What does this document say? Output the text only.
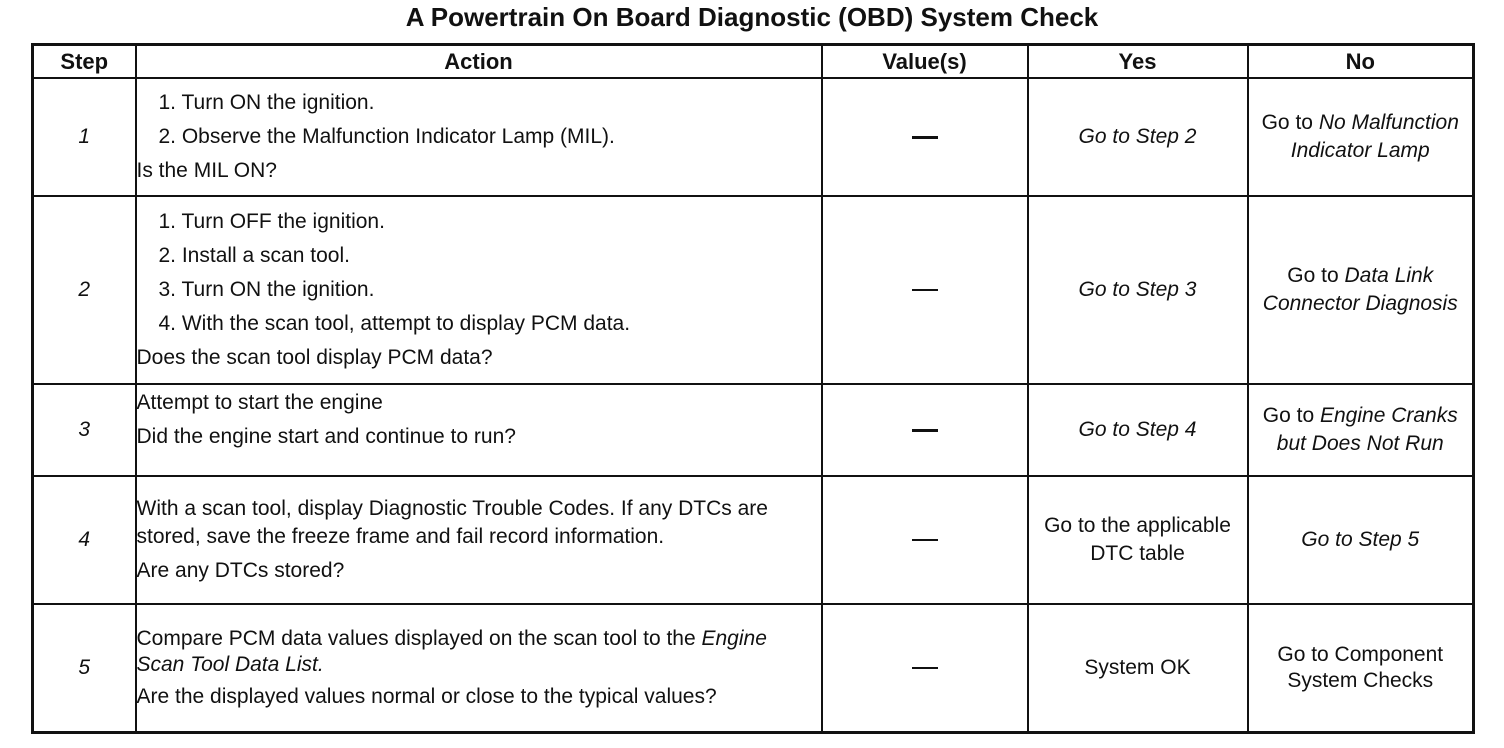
A Powertrain On Board Diagnostic (OBD) System Check
Step	Action	Value(s)	Yes	No
1	1. Turn ON the ignition.
2. Observe the Malfunction Indicator Lamp (MIL).
Is the MIL ON?		Go to Step 2	Go to No Malfunction Indicator Lamp
2	1. Turn OFF the ignition.
2. Install a scan tool.
3. Turn ON the ignition.
4. With the scan tool, attempt to display PCM data.
Does the scan tool display PCM data?		Go to Step 3	Go to Data Link Connector Diagnosis
3	Attempt to start the engine
Did the engine start and continue to run?		Go to Step 4	Go to Engine Cranks but Does Not Run
4	With a scan tool, display Diagnostic Trouble Codes. If any DTCs are stored, save the freeze frame and fail record information.
Are any DTCs stored?		Go to the applicable DTC table	Go to Step 5
5	Compare PCM data values displayed on the scan tool to the Engine Scan Tool Data List.
Are the displayed values normal or close to the typical values?		System OK	Go to Component System Checks
